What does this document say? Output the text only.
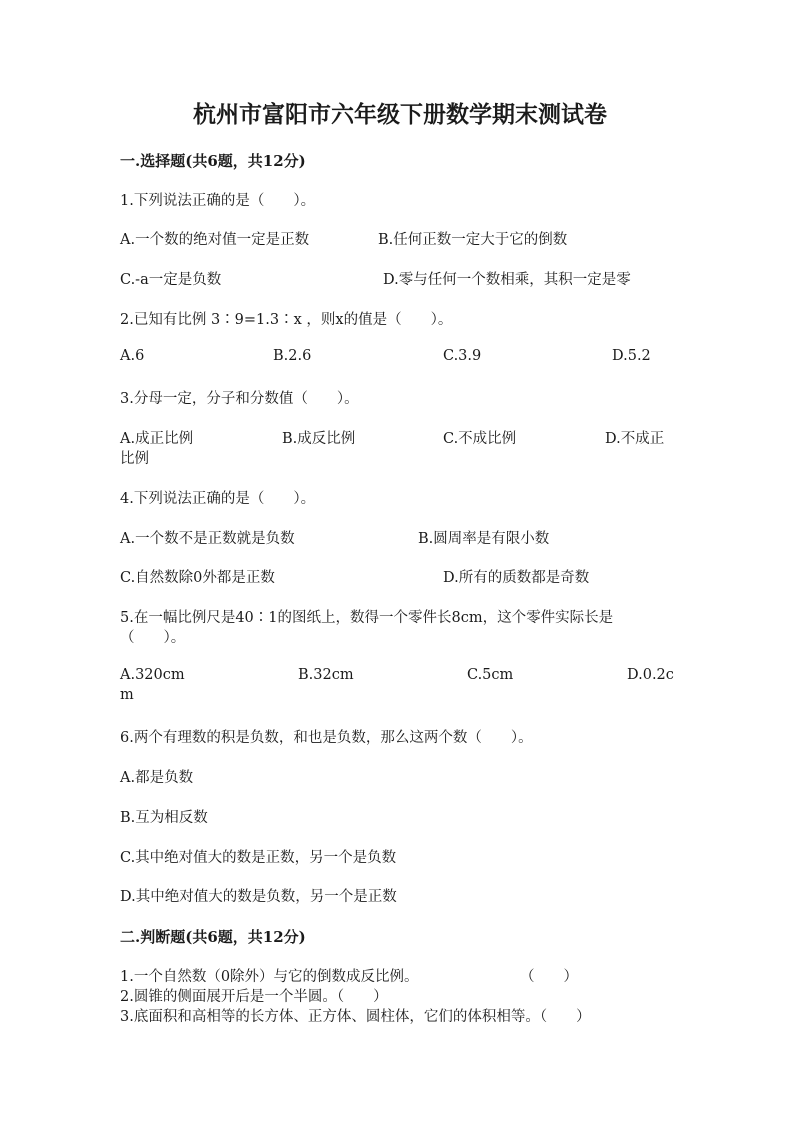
杭州市富阳市六年级下册数学期末测试卷
一.选择题(共6题，共12分)
1.下列说法正确的是（　　）。
A.一个数的绝对值一定是正数	B.任何正数一定大于它的倒数
C.-a一定是负数	D.零与任何一个数相乘，其积一定是零
2.已知有比例 3∶9=1.3∶x ，则x的值是（　　）。
A.6	B.2.6	C.3.9	D.5.2
3.分母一定，分子和分数值（　　）。
A.成正比例	B.成反比例	C.不成比例	D.不成正
比例
4.下列说法正确的是（　　）。
A.一个数不是正数就是负数	B.圆周率是有限小数
C.自然数除0外都是正数	D.所有的质数都是奇数
5.在一幅比例尺是40∶1的图纸上，数得一个零件长8cm，这个零件实际长是
（　　）。
A.320cm	B.32cm	C.5cm	D.0.2c
m
6.两个有理数的积是负数，和也是负数，那么这两个数（　　）。
A.都是负数
B.互为相反数
C.其中绝对值大的数是正数，另一个是负数
D.其中绝对值大的数是负数，另一个是正数
二.判断题(共6题，共12分)
1.一个自然数（0除外）与它的倒数成反比例。	（　　）
2.圆锥的侧面展开后是一个半圆。（　　）
3.底面积和高相等的长方体、正方体、圆柱体，它们的体积相等。（　　）
